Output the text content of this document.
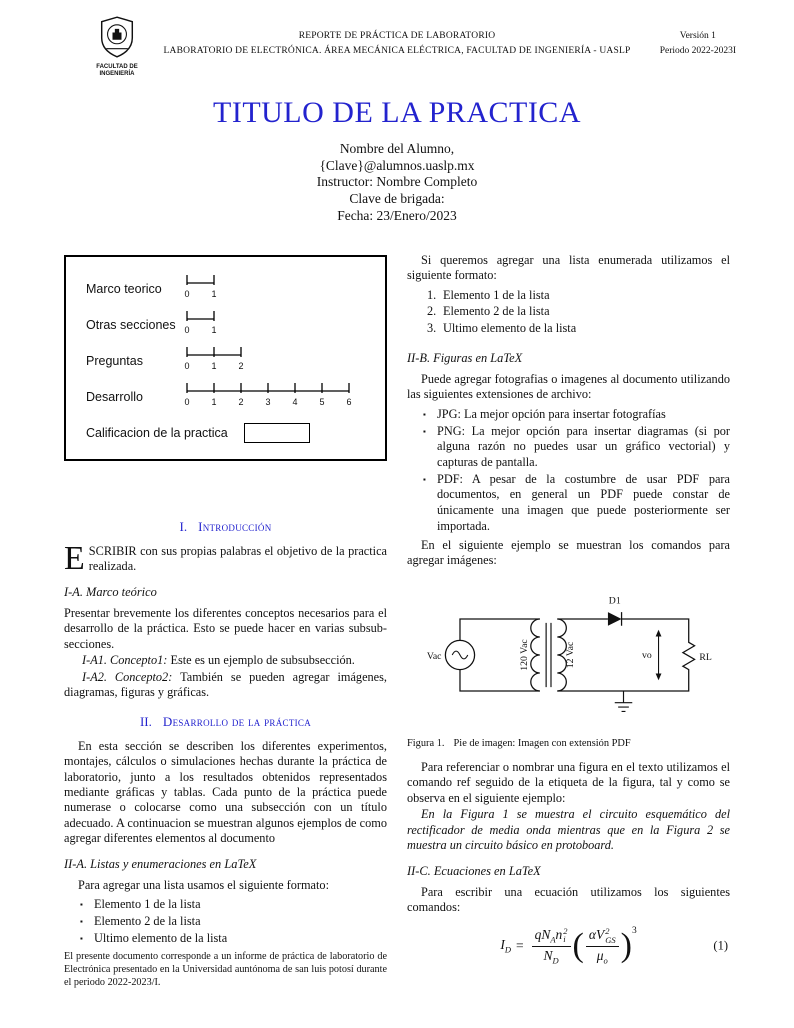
FACULTAD DE
INGENIERÍA
REPORTE DE PRÁCTICA DE LABORATORIO
LABORATORIO DE ELECTRÓNICA. ÁREA MECÁNICA ELÉCTRICA, FACULTAD DE INGENIERÍA - UASLP
Versión 1
Periodo 2022-2023I
TITULO DE LA PRACTICA
Nombre del Alumno,
{Clave}@alumnos.uaslp.mx
Instructor: Nombre Completo
Clave de brigada:
Fecha: 23/Enero/2023
Marco teorico	0 1
Otras secciones 0 1
Preguntas	0 1 2
Desarrollo	0 1 2 3 4 5 6
Calificacion de la practica
I. Introducción

ESCRIBIR con sus propias palabras el objetivo de la practica realizada.

I-A. Marco teórico

Presentar brevemente los diferentes conceptos necesarios para el desarrollo de la práctica. Esto se puede hacer en varias subsub-secciones.

I-A1. Concepto1: Este es un ejemplo de subsubsección.

I-A2. Concepto2: También se pueden agregar imágenes, diagramas, figuras y gráficas.

II. Desarrollo de la práctica

En esta sección se describen los diferentes experimentos, montajes, cálculos o simulaciones hechas durante la práctica de laboratorio, junto a los resultados obtenidos representados mediante gráficas y tablas. Cada punto de la práctica puede numerase o colocarse como una subsección con un título adecuado. A continuacion se muestran algunos ejemplos de como agregar diferentes elementos al documento

II-A. Listas y enumeraciones en LaTeX

Para agregar una lista usamos el siguiente formato:

▪ Elemento 1 de la lista
▪ Elemento 2 de la lista
▪ Ultimo elemento de la lista
El presente documento corresponde a un informe de práctica de laboratorio de Electrónica presentado en la Universidad auntónoma de san luis potosí durante el periodo 2022-2023/I.

Si queremos agregar una lista enumerada utilizamos el siguiente formato:

1. Elemento 1 de la lista
2. Elemento 2 de la lista
3. Ultimo elemento de la lista
II-B. Figuras en LaTeX

Puede agregar fotografias o imagenes al documento utilizando las siguientes extensiones de archivo:

▪ JPG: La mejor opción para insertar fotografías
▪ PNG: La mejor opción para insertar diagramas (si por alguna razón no puedes usar un gráfico vectorial) y capturas de pantalla.
▪ PDF: A pesar de la costumbre de usar PDF para documentos, en general un PDF puede constar de únicamente una imagen que puede posteriormente ser importada.

En el siguiente ejemplo se muestran los comandos para agregar imágenes:

Vac	120 Vac	12 Vac
D1
vo	RL
Figura 1. Pie de imagen: Imagen con extensión PDF

Para referenciar o nombrar una figura en el texto utilizamos el comando ref seguido de la etiqueta de la figura, tal y como se observa en el siguiente ejemplo:

En la Figura 1 se muestra el circuito esquemático del rectificador de media onda mientras que en la Figura 2 se muestra un circuito básico en protoboard.

II-C. Ecuaciones en LaTeX

Para escribir una ecuación utilizamos los siguientes comandos:

$I_D = qN_An$ 2
i
$N_D$ ( αV 2
GS
$\mu_o$ ) 3
(1)
